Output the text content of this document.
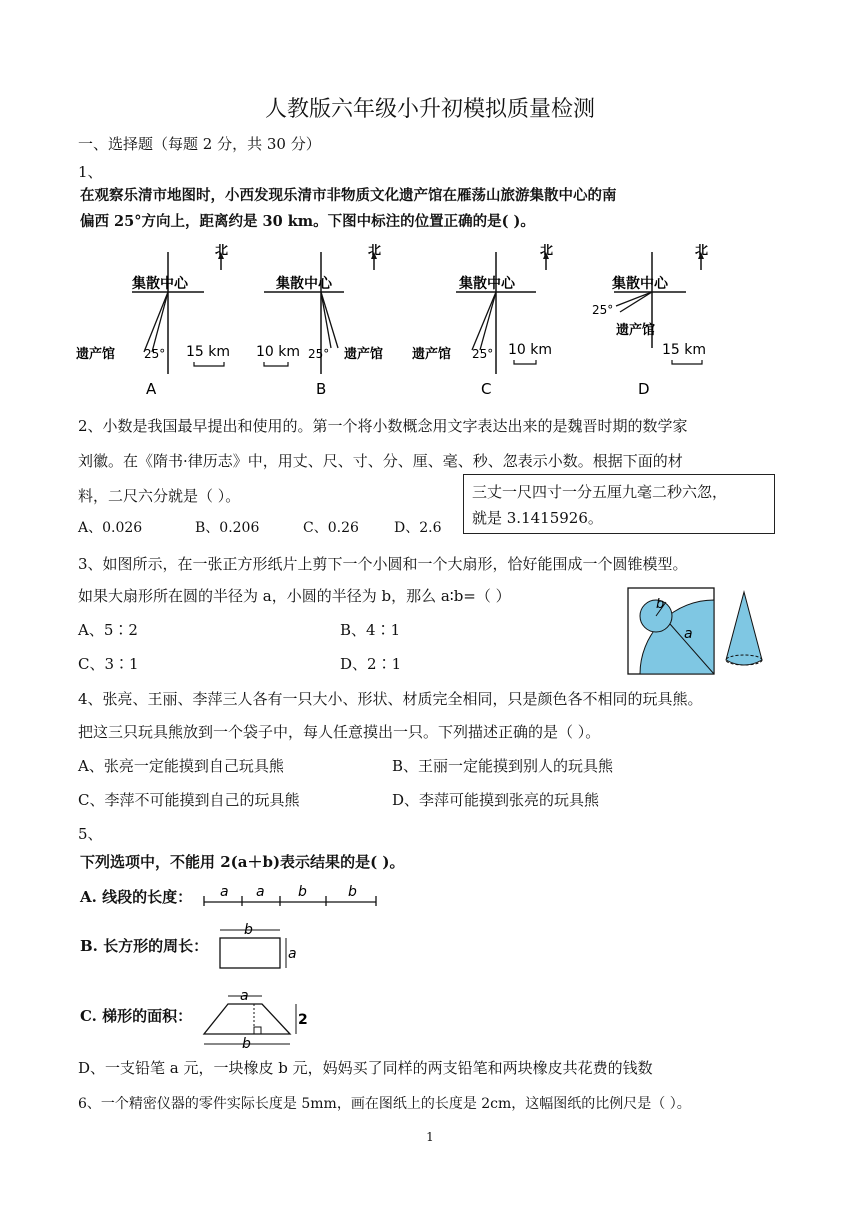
人教版六年级小升初模拟质量检测
一、选择题（每题 2 分，共 30 分）
1、
在观察乐清市地图时，小西发现乐清市非物质文化遗产馆在雁荡山旅游集散中心的南
偏西 25°方向上，距离约是 30 km。下图中标注的位置正确的是( )。
北
集散中心
遗产馆 25° 15 km
A
北
集散中心
10 km 25° 遗产馆
B
北
集散中心
遗产馆 25° 10 km
C
北
集散中心
25°
遗产馆
15 km
D
2、小数是我国最早提出和使用的。第一个将小数概念用文字表达出来的是魏晋时期的数学家
刘徽。在《隋书·律历志》中，用丈、尺、寸、分、厘、毫、秒、忽表示小数。根据下面的材
料，二尺六分就是（ ）。	三丈一尺四寸一分五厘九毫二秒六忽，
就是 3.1415926。
A、0.026	B、0.206	C、0.26	D、2.6
3、如图所示，在一张正方形纸片上剪下一个小圆和一个大扇形，恰好能围成一个圆锥模型。
如果大扇形所在圆的半径为 a，小圆的半径为 b，那么 a∶b=（ ）
A、5∶2	B、4∶1
C、3∶1	D、2∶1
b
a
4、张亮、王丽、李萍三人各有一只大小、形状、材质完全相同，只是颜色各不相同的玩具熊。
把这三只玩具熊放到一个袋子中，每人任意摸出一只。下列描述正确的是（ ）。
A、张亮一定能摸到自己玩具熊	B、王丽一定能摸到别人的玩具熊
C、李萍不可能摸到自己的玩具熊	D、李萍可能摸到张亮的玩具熊
5、
下列选项中，不能用 2(a＋b)表示结果的是( )。
A. 线段的长度：
B. 长方形的周长：
C. 梯形的面积：
a a b	b
b
a
a
2
b
D、一支铅笔 a 元，一块橡皮 b 元，妈妈买了同样的两支铅笔和两块橡皮共花费的钱数
6、一个精密仪器的零件实际长度是 5mm，画在图纸上的长度是 2cm，这幅图纸的比例尺是（ ）。
1
